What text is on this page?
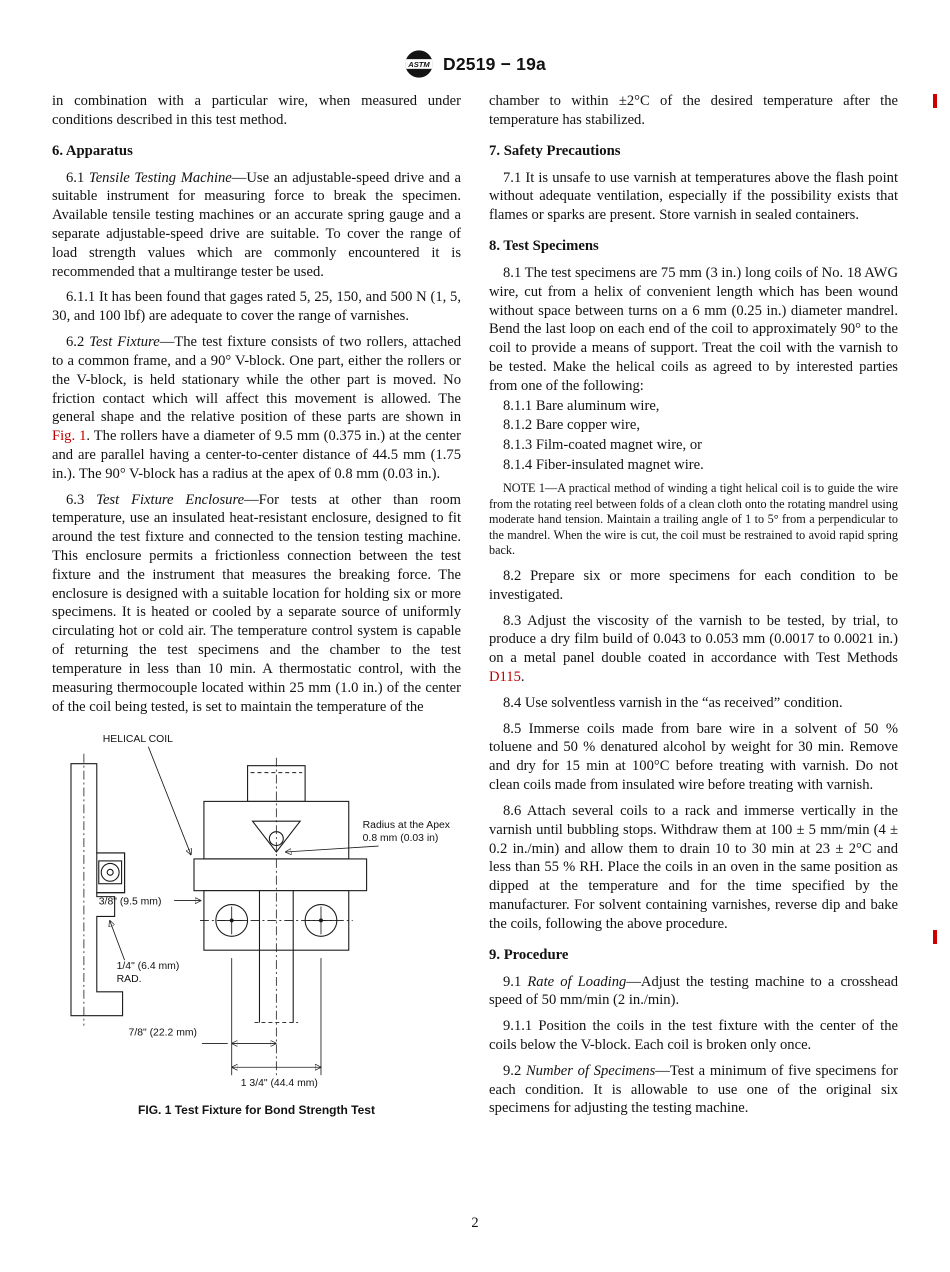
ASTM D2519 − 19a

in combination with a particular wire, when measured under conditions described in this test method.

6. Apparatus

6.1 Tensile Testing Machine—Use an adjustable-speed drive and a suitable instrument for measuring force to break the specimen. Available tensile testing machines or an accurate spring gauge and a separate adjustable-speed drive are suitable. To cover the range of load strength values which are commonly encountered it is recommended that a multirange tester be used.

6.1.1 It has been found that gages rated 5, 25, 150, and 500 N (1, 5, 30, and 100 lbf) are adequate to cover the range of varnishes.

6.2 Test Fixture—The test fixture consists of two rollers, attached to a common frame, and a 90° V-block. One part, either the rollers or the V-block, is held stationary while the other part is moved. No friction contact which will affect this movement is allowed. The general shape and the relative position of these parts are shown in Fig. 1. The rollers have a diameter of 9.5 mm (0.375 in.) at the center and are parallel having a center-to-center distance of 44.5 mm (1.75 in.). The 90° V-block has a radius at the apex of 0.8 mm (0.03 in.).

6.3 Test Fixture Enclosure—For tests at other than room temperature, use an insulated heat-resistant enclosure, designed to fit around the test fixture and connected to the tension testing machine. This enclosure permits a frictionless connection between the test fixture and the instrument that measures the breaking force. The enclosure is designed with a suitable location for holding six or more specimens. It is heated or cooled by a separate source of uniformly circulating hot or cold air. The temperature control system is capable of returning the test specimens and the chamber to the test temperature in less than 10 min. A thermostatic control, with the measuring thermocouple located within 25 mm (1.0 in.) of the center of the coil being tested, is set to maintain the temperature of the

HELICAL COIL
Radius at the Apex
0.8 mm (0.03 in)
3/8" (9.5 mm)
1/4" (6.4 mm)
RAD.
7/8" (22.2 mm)
1 3/4" (44.4 mm)
FIG. 1 Test Fixture for Bond Strength Test

chamber to within ±2°C of the desired temperature after the temperature has stabilized.

7. Safety Precautions

7.1 It is unsafe to use varnish at temperatures above the flash point without adequate ventilation, especially if the possibility exists that flames or sparks are present. Store varnish in sealed containers.

8. Test Specimens

8.1 The test specimens are 75 mm (3 in.) long coils of No. 18 AWG wire, cut from a helix of convenient length which has been wound without space between turns on a 6 mm (0.25 in.) diameter mandrel. Bend the last loop on each end of the coil to approximately 90° to the coil to provide a means of support. Treat the coil with the varnish to be tested. Make the helical coils as agreed to by interested parties from one of the following:

8.1.1 Bare aluminum wire,

8.1.2 Bare copper wire,

8.1.3 Film-coated magnet wire, or

8.1.4 Fiber-insulated magnet wire.

NOTE 1—A practical method of winding a tight helical coil is to guide the wire from the rotating reel between folds of a clean cloth onto the rotating mandrel using moderate hand tension. Maintain a trailing angle of 1 to 5° from a perpendicular to the mandrel. When the wire is cut, the coil must be restrained to avoid rapid spring back.

8.2 Prepare six or more specimens for each condition to be investigated.

8.3 Adjust the viscosity of the varnish to be tested, by trial, to produce a dry film build of 0.043 to 0.053 mm (0.0017 to 0.0021 in.) on a metal panel double coated in accordance with Test Methods D115.

8.4 Use solventless varnish in the “as received” condition.

8.5 Immerse coils made from bare wire in a solvent of 50 % toluene and 50 % denatured alcohol by weight for 30 min. Remove and dry for 15 min at 100°C before treating with varnish. Do not clean coils made from insulated wire before treating with varnish.

8.6 Attach several coils to a rack and immerse vertically in the varnish until bubbling stops. Withdraw them at 100 ± 5 mm/min (4 ± 0.2 in./min) and allow them to drain 10 to 30 min at 23 ± 2°C and less than 55 % RH. Place the coils in an oven in the same position as dipped at the temperature and for the time specified by the manufacturer. For solvent containing varnishes, reverse dip and bake the coils, following the above procedure.

9. Procedure

9.1 Rate of Loading—Adjust the testing machine to a crosshead speed of 50 mm/min (2 in./min).

9.1.1 Position the coils in the test fixture with the center of the coils below the V-block. Each coil is broken only once.

9.2 Number of Specimens—Test a minimum of five specimens for each condition. It is allowable to use one of the original six specimens for adjusting the testing machine.

2
